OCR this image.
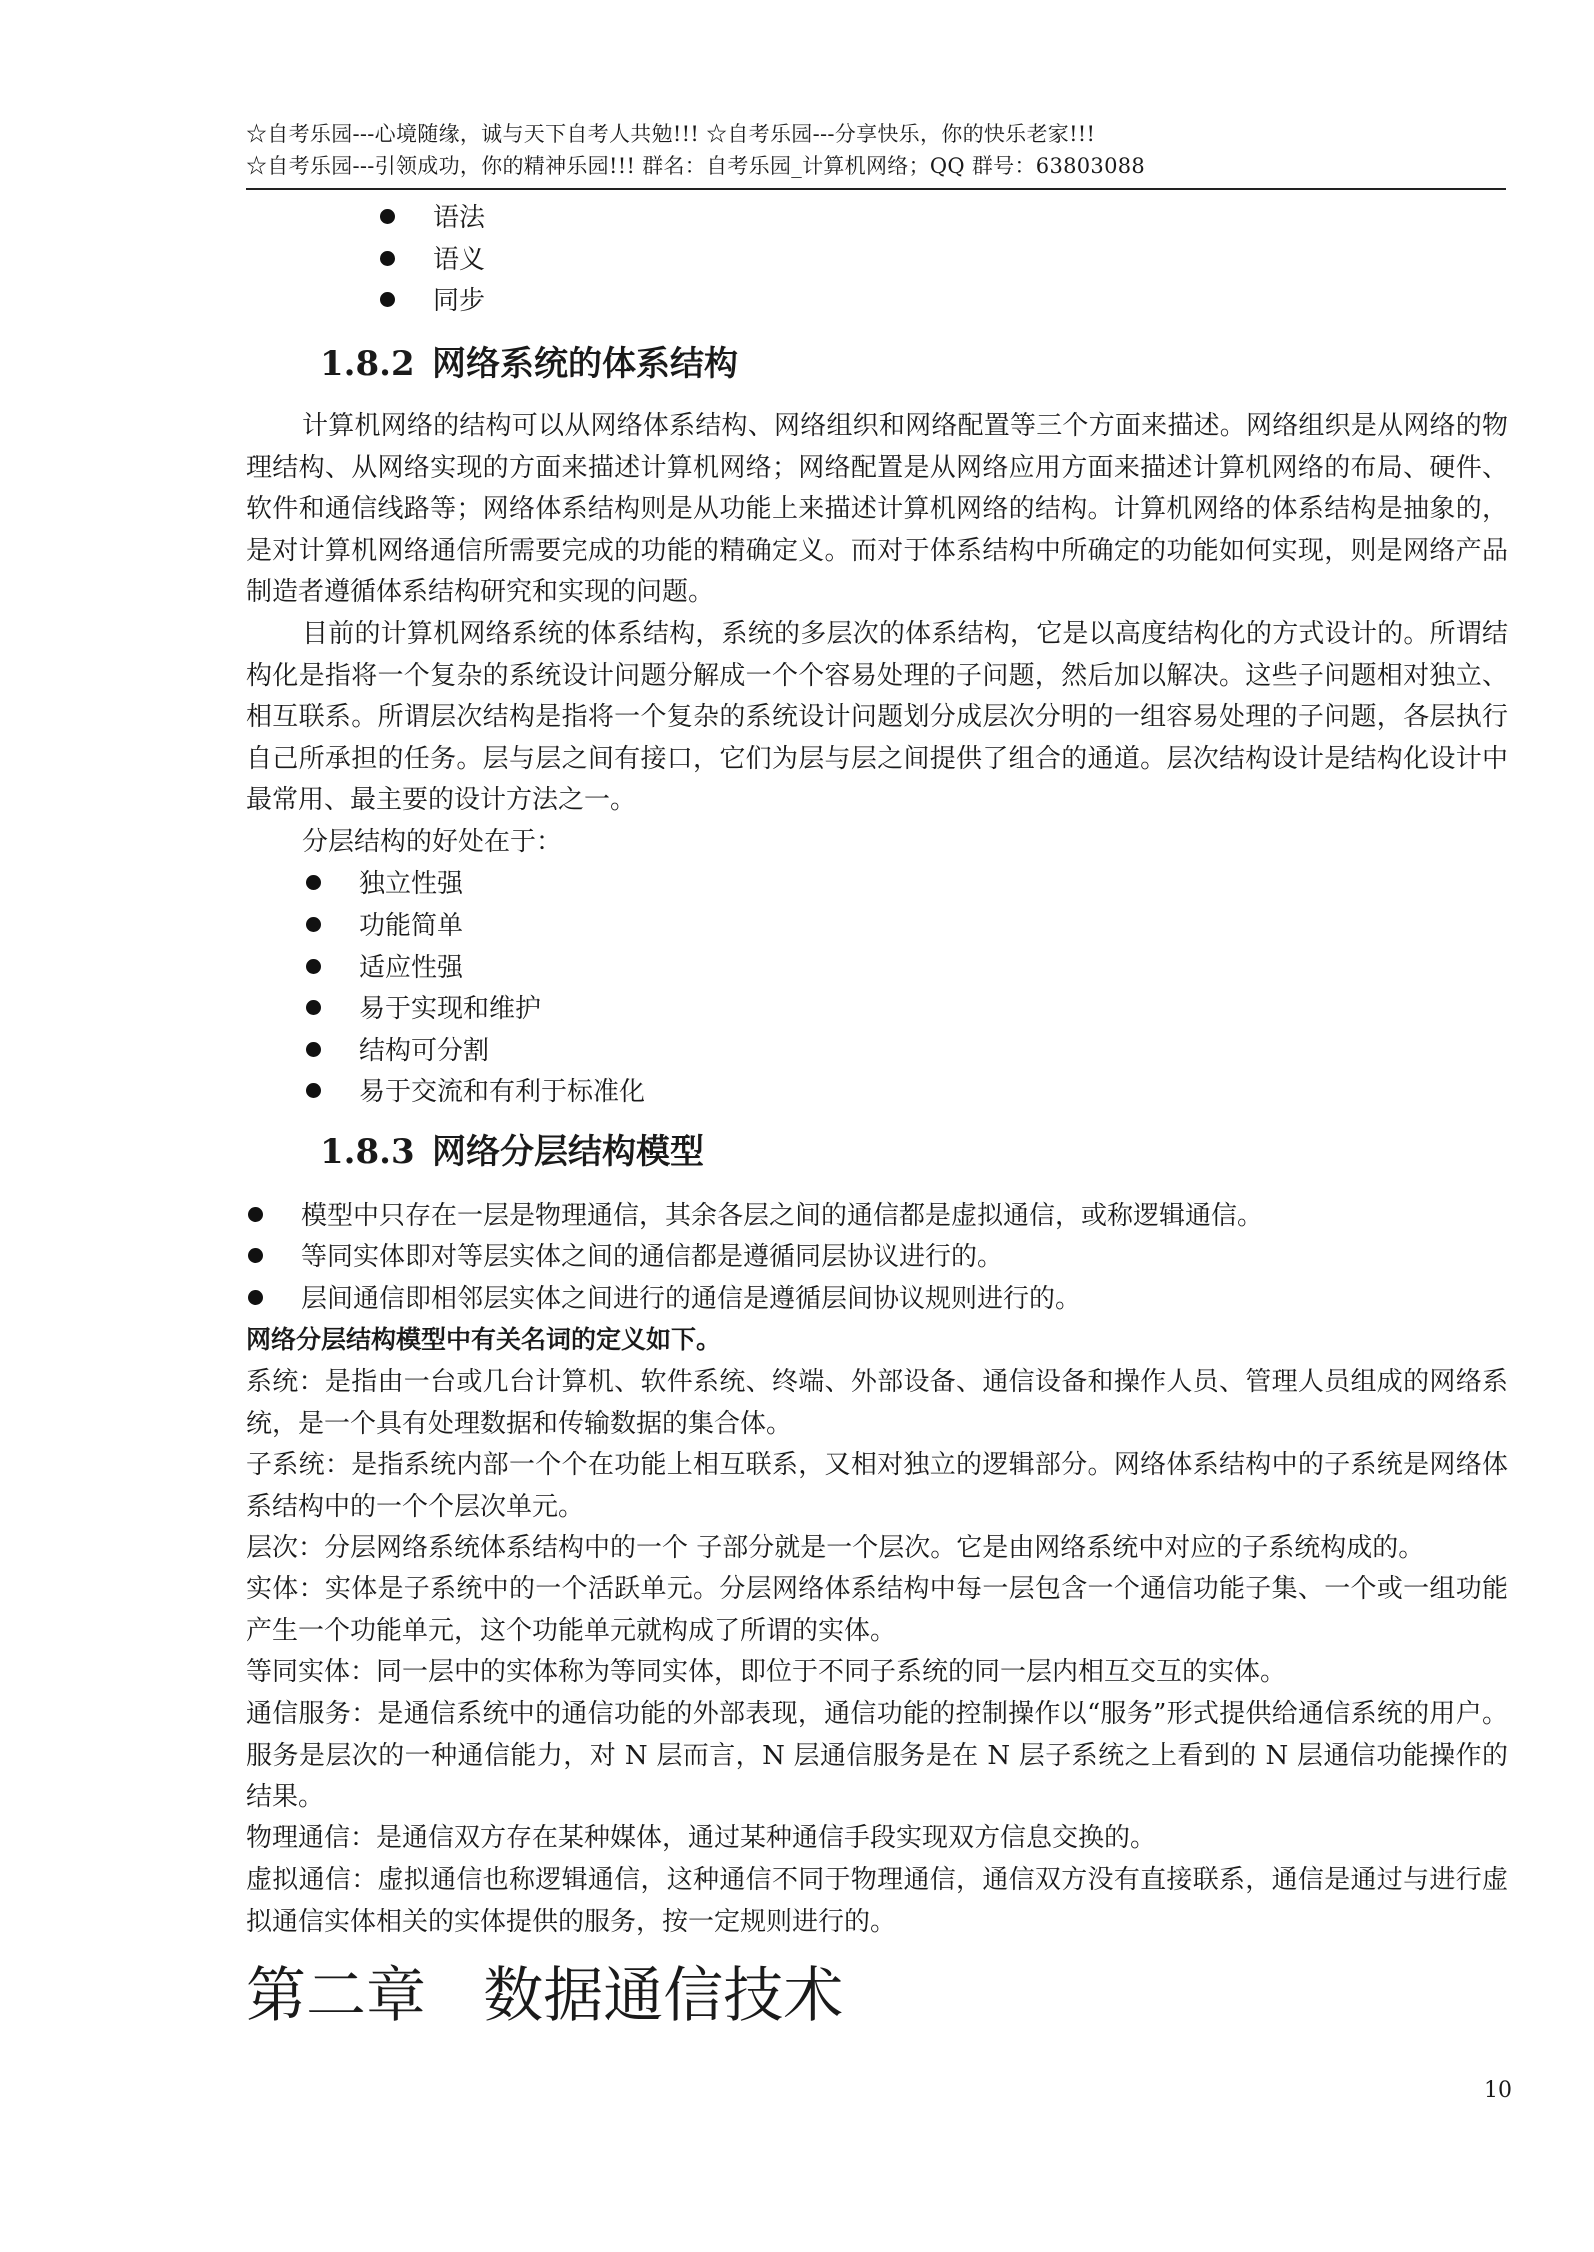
☆自考乐园---心境随缘，诚与天下自考人共勉!!! ☆自考乐园---分享快乐，你的快乐老家!!!
☆自考乐园---引领成功，你的精神乐园!!! 群名：自考乐园_计算机网络；QQ 群号：63803088
语法
语义
同步
1.8.2 网络系统的体系结构
计算机网络的结构可以从网络体系结构、网络组织和网络配置等三个方面来描述。网络组织是从网络的物理结构、从网络实现的方面来描述计算机网络；网络配置是从网络应用方面来描述计算机网络的布局、硬件、软件和通信线路等；网络体系结构则是从功能上来描述计算机网络的结构。计算机网络的体系结构是抽象的，是对计算机网络通信所需要完成的功能的精确定义。而对于体系结构中所确定的功能如何实现，则是网络产品制造者遵循体系结构研究和实现的问题。
目前的计算机网络系统的体系结构，系统的多层次的体系结构，它是以高度结构化的方式设计的。所谓结构化是指将一个复杂的系统设计问题分解成一个个容易处理的子问题，然后加以解决。这些子问题相对独立、相互联系。所谓层次结构是指将一个复杂的系统设计问题划分成层次分明的一组容易处理的子问题，各层执行自己所承担的任务。层与层之间有接口，它们为层与层之间提供了组合的通道。层次结构设计是结构化设计中最常用、最主要的设计方法之一。
分层结构的好处在于：
独立性强
功能简单
适应性强
易于实现和维护
结构可分割
易于交流和有利于标准化
1.8.3 网络分层结构模型
模型中只存在一层是物理通信，其余各层之间的通信都是虚拟通信，或称逻辑通信。
等同实体即对等层实体之间的通信都是遵循同层协议进行的。
层间通信即相邻层实体之间进行的通信是遵循层间协议规则进行的。
网络分层结构模型中有关名词的定义如下。
系统：是指由一台或几台计算机、软件系统、终端、外部设备、通信设备和操作人员、管理人员组成的网络系统，是一个具有处理数据和传输数据的集合体。
子系统：是指系统内部一个个在功能上相互联系，又相对独立的逻辑部分。网络体系结构中的子系统是网络体系结构中的一个个层次单元。
层次：分层网络系统体系结构中的一个 子部分就是一个层次。它是由网络系统中对应的子系统构成的。
实体：实体是子系统中的一个活跃单元。分层网络体系结构中每一层包含一个通信功能子集、一个或一组功能产生一个功能单元，这个功能单元就构成了所谓的实体。
等同实体：同一层中的实体称为等同实体，即位于不同子系统的同一层内相互交互的实体。
通信服务：是通信系统中的通信功能的外部表现，通信功能的控制操作以“服务”形式提供给通信系统的用户。服务是层次的一种通信能力，对 N 层而言，N 层通信服务是在 N 层子系统之上看到的 N 层通信功能操作的结果。
物理通信：是通信双方存在某种媒体，通过某种通信手段实现双方信息交换的。
虚拟通信：虚拟通信也称逻辑通信，这种通信不同于物理通信，通信双方没有直接联系，通信是通过与进行虚拟通信实体相关的实体提供的服务，按一定规则进行的。
第二章   数据通信技术
10
